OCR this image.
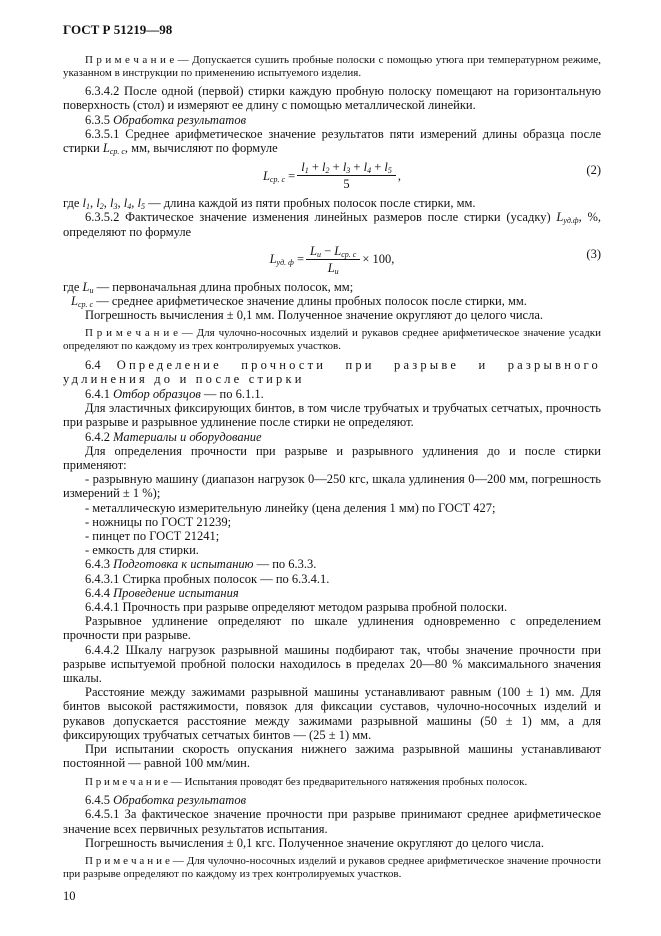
ГОСТ Р 51219—98

П р и м е ч а н и е — Допускается сушить пробные полоски с помощью утюга при температурном режиме, указанном в инструкции по применению испытуемого изделия.

6.3.4.2 После одной (первой) стирки каждую пробную полоску помещают на горизонтальную поверхность (стол) и измеряют ее длину с помощью металлической линейки.

6.3.5 Обработка результатов

6.3.5.1 Среднее арифметическое значение результатов пяти измерений длины образца после стирки $L_{ср. с}$, мм, вычисляют по формуле

$L_{ср. с} = \frac{l_1 + l_2 + l_3 + l_4 + l_5}{5}$ ,	(2)

где $l_1$, $l_2$, $l_3$, $l_4$, $l_5$ — длина каждой из пяти пробных полосок после стирки, мм.

6.3.5.2 Фактическое значение изменения линейных размеров после стирки (усадку) $L_{уд.ф}$, %, определяют по формуле

$L_{уд. ф} = \frac{L_и - L_{ср. с}}{L_и} \times 100$,	(3)

где $L_и$ — первоначальная длина пробных полосок, мм;

$L_{ср. с}$ — среднее арифметическое значение длины пробных полосок после стирки, мм.

Погрешность вычисления ± 0,1 мм. Полученное значение округляют до целого числа.

П р и м е ч а н и е — Для чулочно-носочных изделий и рукавов среднее арифметическое значение усадки определяют по каждому из трех контролируемых участков.

6.4 Определение прочности при разрыве и разрывного удлинения до и после стирки

6.4.1 Отбор образцов — по 6.1.1.

Для эластичных фиксирующих бинтов, в том числе трубчатых и трубчатых сетчатых, прочность при разрыве и разрывное удлинение после стирки не определяют.

6.4.2 Материалы и оборудование

Для определения прочности при разрыве и разрывного удлинения до и после стирки применяют:

- разрывную машину (диапазон нагрузок 0—250 кгс, шкала удлинения 0—200 мм, погрешность измерений ± 1 %);

- металлическую измерительную линейку (цена деления 1 мм) по ГОСТ 427;

- ножницы по ГОСТ 21239;

- пинцет по ГОСТ 21241;

- емкость для стирки.

6.4.3 Подготовка к испытанию — по 6.3.3.

6.4.3.1 Стирка пробных полосок — по 6.3.4.1.

6.4.4 Проведение испытания

6.4.4.1 Прочность при разрыве определяют методом разрыва пробной полоски.

Разрывное удлинение определяют по шкале удлинения одновременно с определением прочности при разрыве.

6.4.4.2 Шкалу нагрузок разрывной машины подбирают так, чтобы значение прочности при разрыве испытуемой пробной полоски находилось в пределах 20—80 % максимального значения шкалы.

Расстояние между зажимами разрывной машины устанавливают равным (100 ± 1) мм. Для бинтов высокой растяжимости, повязок для фиксации суставов, чулочно-носочных изделий и рукавов допускается расстояние между зажимами разрывной машины (50 ± 1) мм, а для фиксирующих трубчатых сетчатых бинтов — (25 ± 1) мм.

При испытании скорость опускания нижнего зажима разрывной машины устанавливают постоянной — равной 100 мм/мин.

П р и м е ч а н и е — Испытания проводят без предварительного натяжения пробных полосок.

6.4.5 Обработка результатов

6.4.5.1 За фактическое значение прочности при разрыве принимают среднее арифметическое значение всех первичных результатов испытания.

Погрешность вычисления ± 0,1 кгс. Полученное значение округляют до целого числа.

П р и м е ч а н и е — Для чулочно-носочных изделий и рукавов среднее арифметическое значение прочности при разрыве определяют по каждому из трех контролируемых участков.

10
